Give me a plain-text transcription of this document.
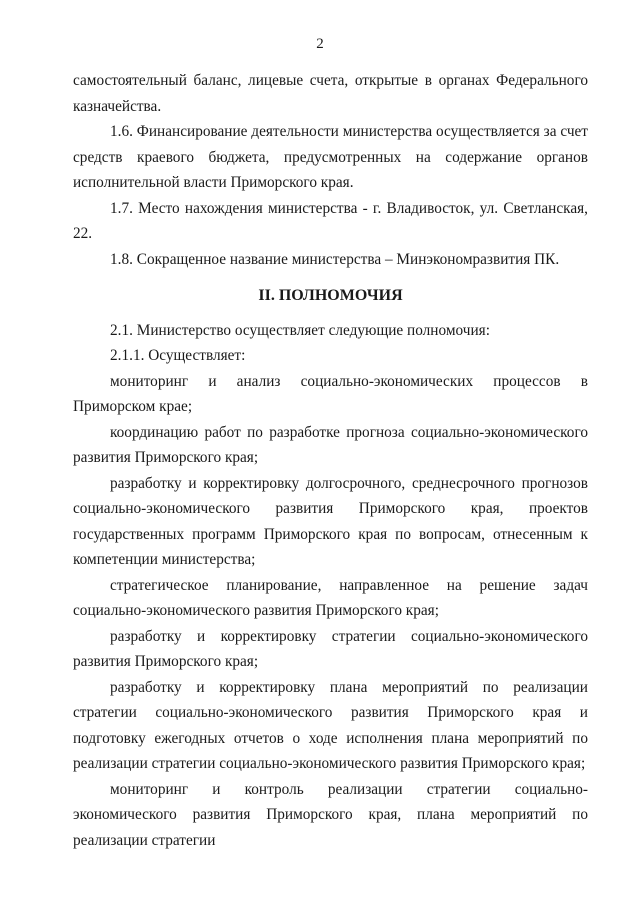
2

самостоятельный баланс, лицевые счета, открытые в органах Федерального казначейства.

1.6. Финансирование деятельности министерства осуществляется за счет средств краевого бюджета, предусмотренных на содержание органов исполнительной власти Приморского края.

1.7. Место нахождения министерства - г. Владивосток, ул. Светланская, 22.

1.8. Сокращенное название министерства – Минэкономразвития ПК.

II. ПОЛНОМОЧИЯ

2.1. Министерство осуществляет следующие полномочия:

2.1.1. Осуществляет:

мониторинг и анализ социально-экономических процессов в Приморском крае;

координацию работ по разработке прогноза социально-экономического развития Приморского края;

разработку и корректировку долгосрочного, среднесрочного прогнозов социально-экономического развития Приморского края, проектов государственных программ Приморского края по вопросам, отнесенным к компетенции министерства;

стратегическое планирование, направленное на решение задач социально-экономического развития Приморского края;

разработку и корректировку стратегии социально-экономического развития Приморского края;

разработку и корректировку плана мероприятий по реализации стратегии социально-экономического развития Приморского края и подготовку ежегодных отчетов о ходе исполнения плана мероприятий по реализации стратегии социально-экономического развития Приморского края;

мониторинг и контроль реализации стратегии социально-экономического развития Приморского края, плана мероприятий по реализации стратегии
